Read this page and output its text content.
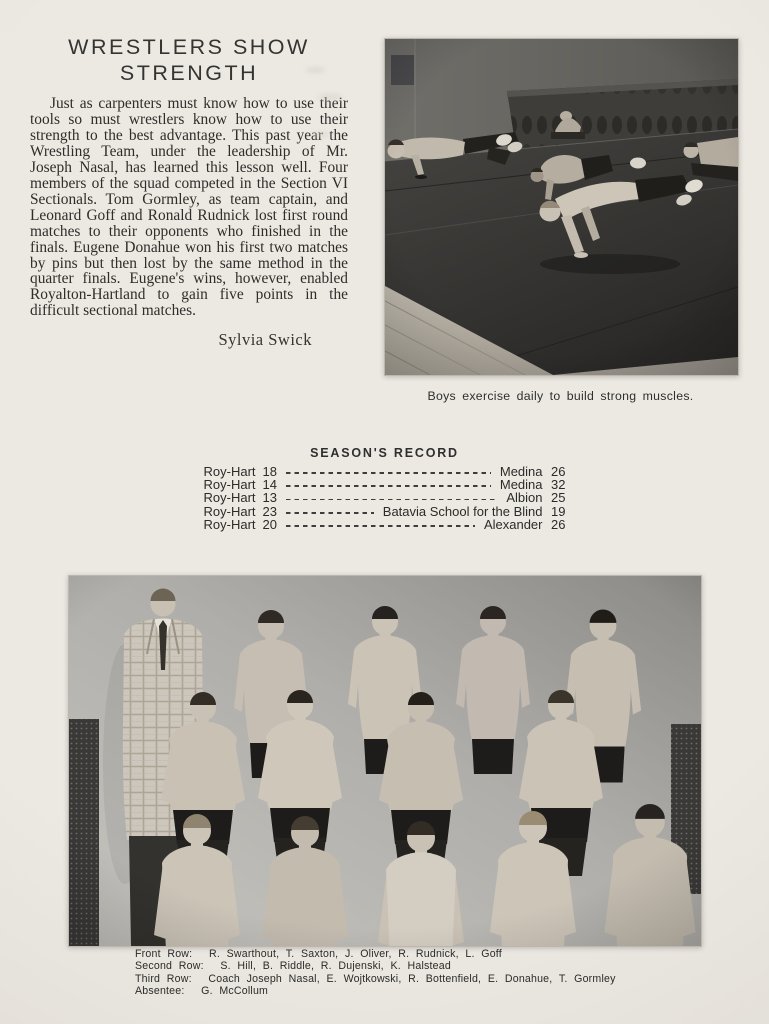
WRESTLERS SHOW
STRENGTH

Just as carpenters must know how to use their tools so must wrestlers know how to use their strength to the best advantage. This past year the Wrestling Team, under the leadership of Mr. Joseph Nasal, has learned this lesson well. Four members of the squad competed in the Section VI Sectionals. Tom Gormley, as team captain, and Leonard Goff and Ronald Rudnick lost first round matches to their opponents who finished in the finals. Eugene Donahue won his first two matches by pins but then lost by the same method in the quarter finals. Eugene's wins, however, enabled Royalton-Hartland to gain five points in the difficult sectional matches.

Sylvia Swick

Boys exercise daily to build strong muscles.
SEASON'S RECORD
Roy-Hart 18	Medina 26
Roy-Hart 14	Medina 32
Roy-Hart 13	Albion 25
Roy-Hart 23	Batavia School for the Blind 19
Roy-Hart 20	Alexander 26
Front Row: R. Swarthout, T. Saxton, J. Oliver, R. Rudnick, L. Goff
Second Row: S. Hill, B. Riddle, R. Dujenski, K. Halstead
Third Row: Coach Joseph Nasal, E. Wojtkowski, R. Bottenfield, E. Donahue, T. Gormley
Absentee: G. McCollum
